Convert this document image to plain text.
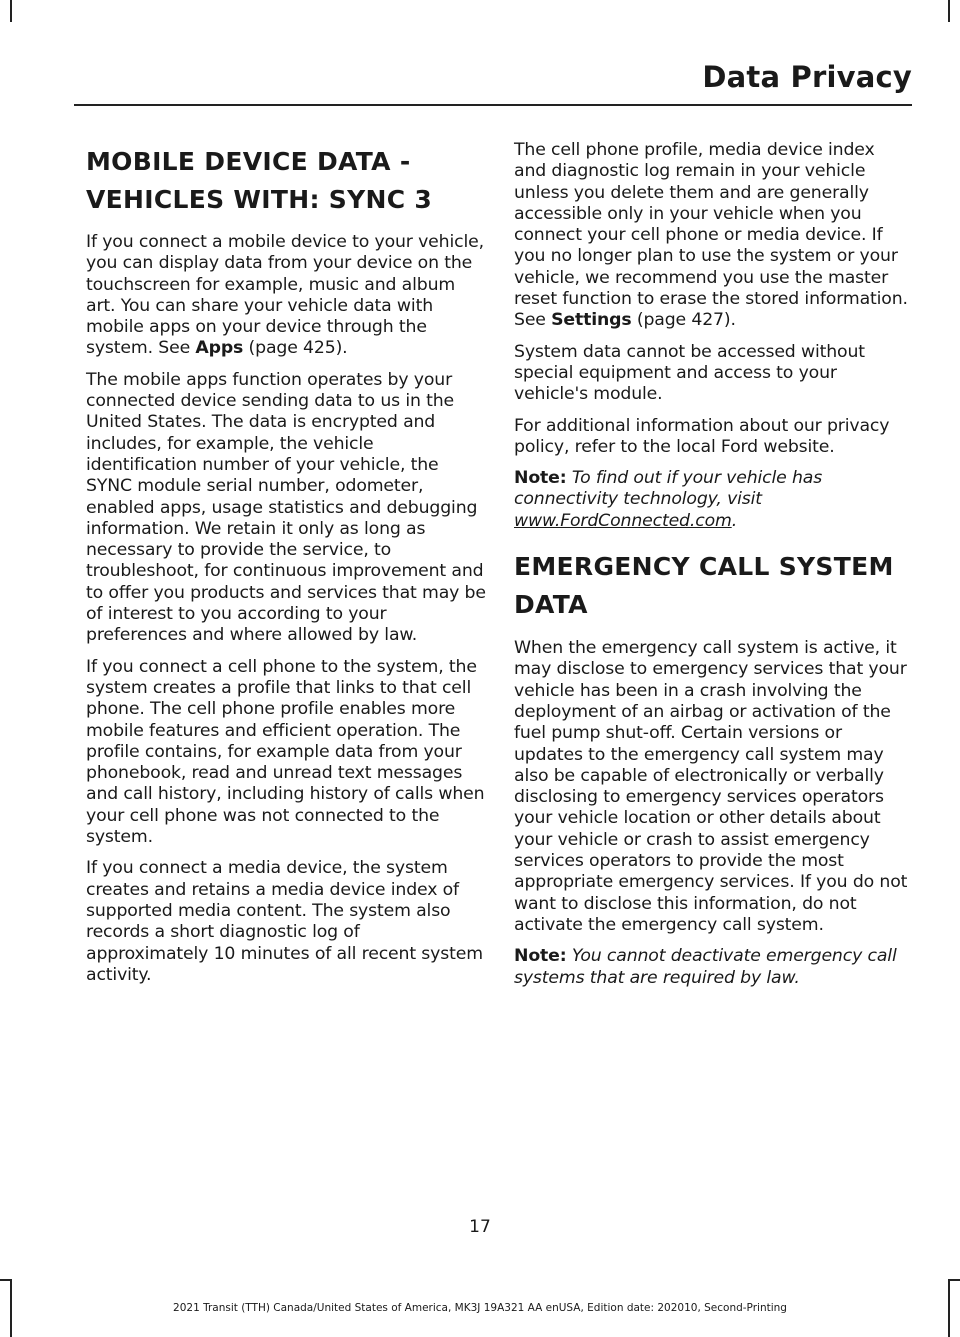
Data Privacy
MOBILE DEVICE DATA -
VEHICLES WITH: SYNC 3

If you connect a mobile device to your vehicle, you can display data from your device on the touchscreen for example, music and album art. You can share your vehicle data with mobile apps on your device through the system. See Apps (page 425).

The mobile apps function operates by your connected device sending data to us in the United States. The data is encrypted and includes, for example, the vehicle identification number of your vehicle, the SYNC module serial number, odometer, enabled apps, usage statistics and debugging information. We retain it only as long as necessary to provide the service, to troubleshoot, for continuous improvement and to offer you products and services that may be of interest to you according to your preferences and where allowed by law.

If you connect a cell phone to the system, the system creates a profile that links to that cell phone. The cell phone profile enables more mobile features and efficient operation. The profile contains, for example data from your phonebook, read and unread text messages and call history, including history of calls when your cell phone was not connected to the system.

If you connect a media device, the system creates and retains a media device index of supported media content. The system also records a short diagnostic log of approximately 10 minutes of all recent system activity.

The cell phone profile, media device index and diagnostic log remain in your vehicle unless you delete them and are generally accessible only in your vehicle when you connect your cell phone or media device. If you no longer plan to use the system or your vehicle, we recommend you use the master reset function to erase the stored information. See Settings (page 427).

System data cannot be accessed without special equipment and access to your vehicle's module.

For additional information about our privacy policy, refer to the local Ford website.

Note: To find out if your vehicle has connectivity technology, visit www.FordConnected.com.

EMERGENCY CALL SYSTEM
DATA

When the emergency call system is active, it may disclose to emergency services that your vehicle has been in a crash involving the deployment of an airbag or activation of the fuel pump shut-off. Certain versions or updates to the emergency call system may also be capable of electronically or verbally disclosing to emergency services operators your vehicle location or other details about your vehicle or crash to assist emergency services operators to provide the most appropriate emergency services. If you do not want to disclose this information, do not activate the emergency call system.

Note: You cannot deactivate emergency call systems that are required by law.

17
2021 Transit (TTH) Canada/United States of America, MK3J 19A321 AA enUSA, Edition date: 202010, Second-Printing
